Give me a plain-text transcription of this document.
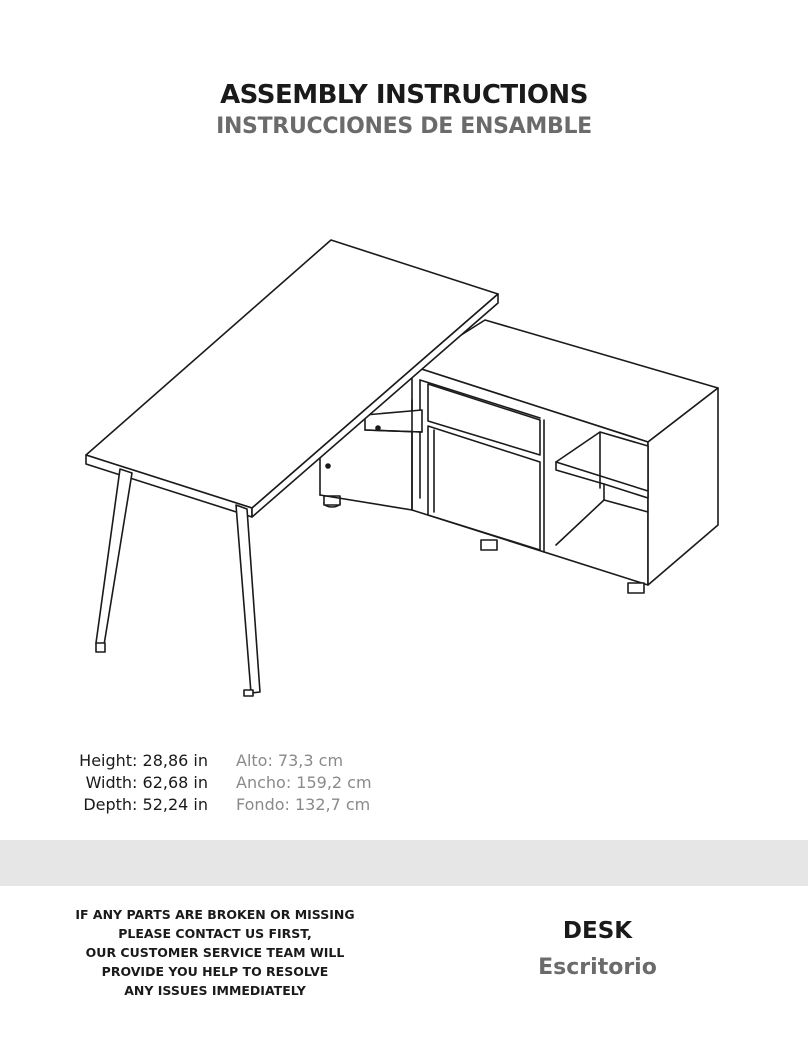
ASSEMBLY INSTRUCTIONS
INSTRUCCIONES DE ENSAMBLE
Height: 28,86 in	Alto: 73,3 cm
Width: 62,68 in	Ancho: 159,2 cm
Depth: 52,24 in	Fondo: 132,7 cm
IF ANY PARTS ARE BROKEN OR MISSING
PLEASE CONTACT US FIRST,
OUR CUSTOMER SERVICE TEAM WILL
PROVIDE YOU HELP TO RESOLVE
ANY ISSUES IMMEDIATELY
DESK
Escritorio
